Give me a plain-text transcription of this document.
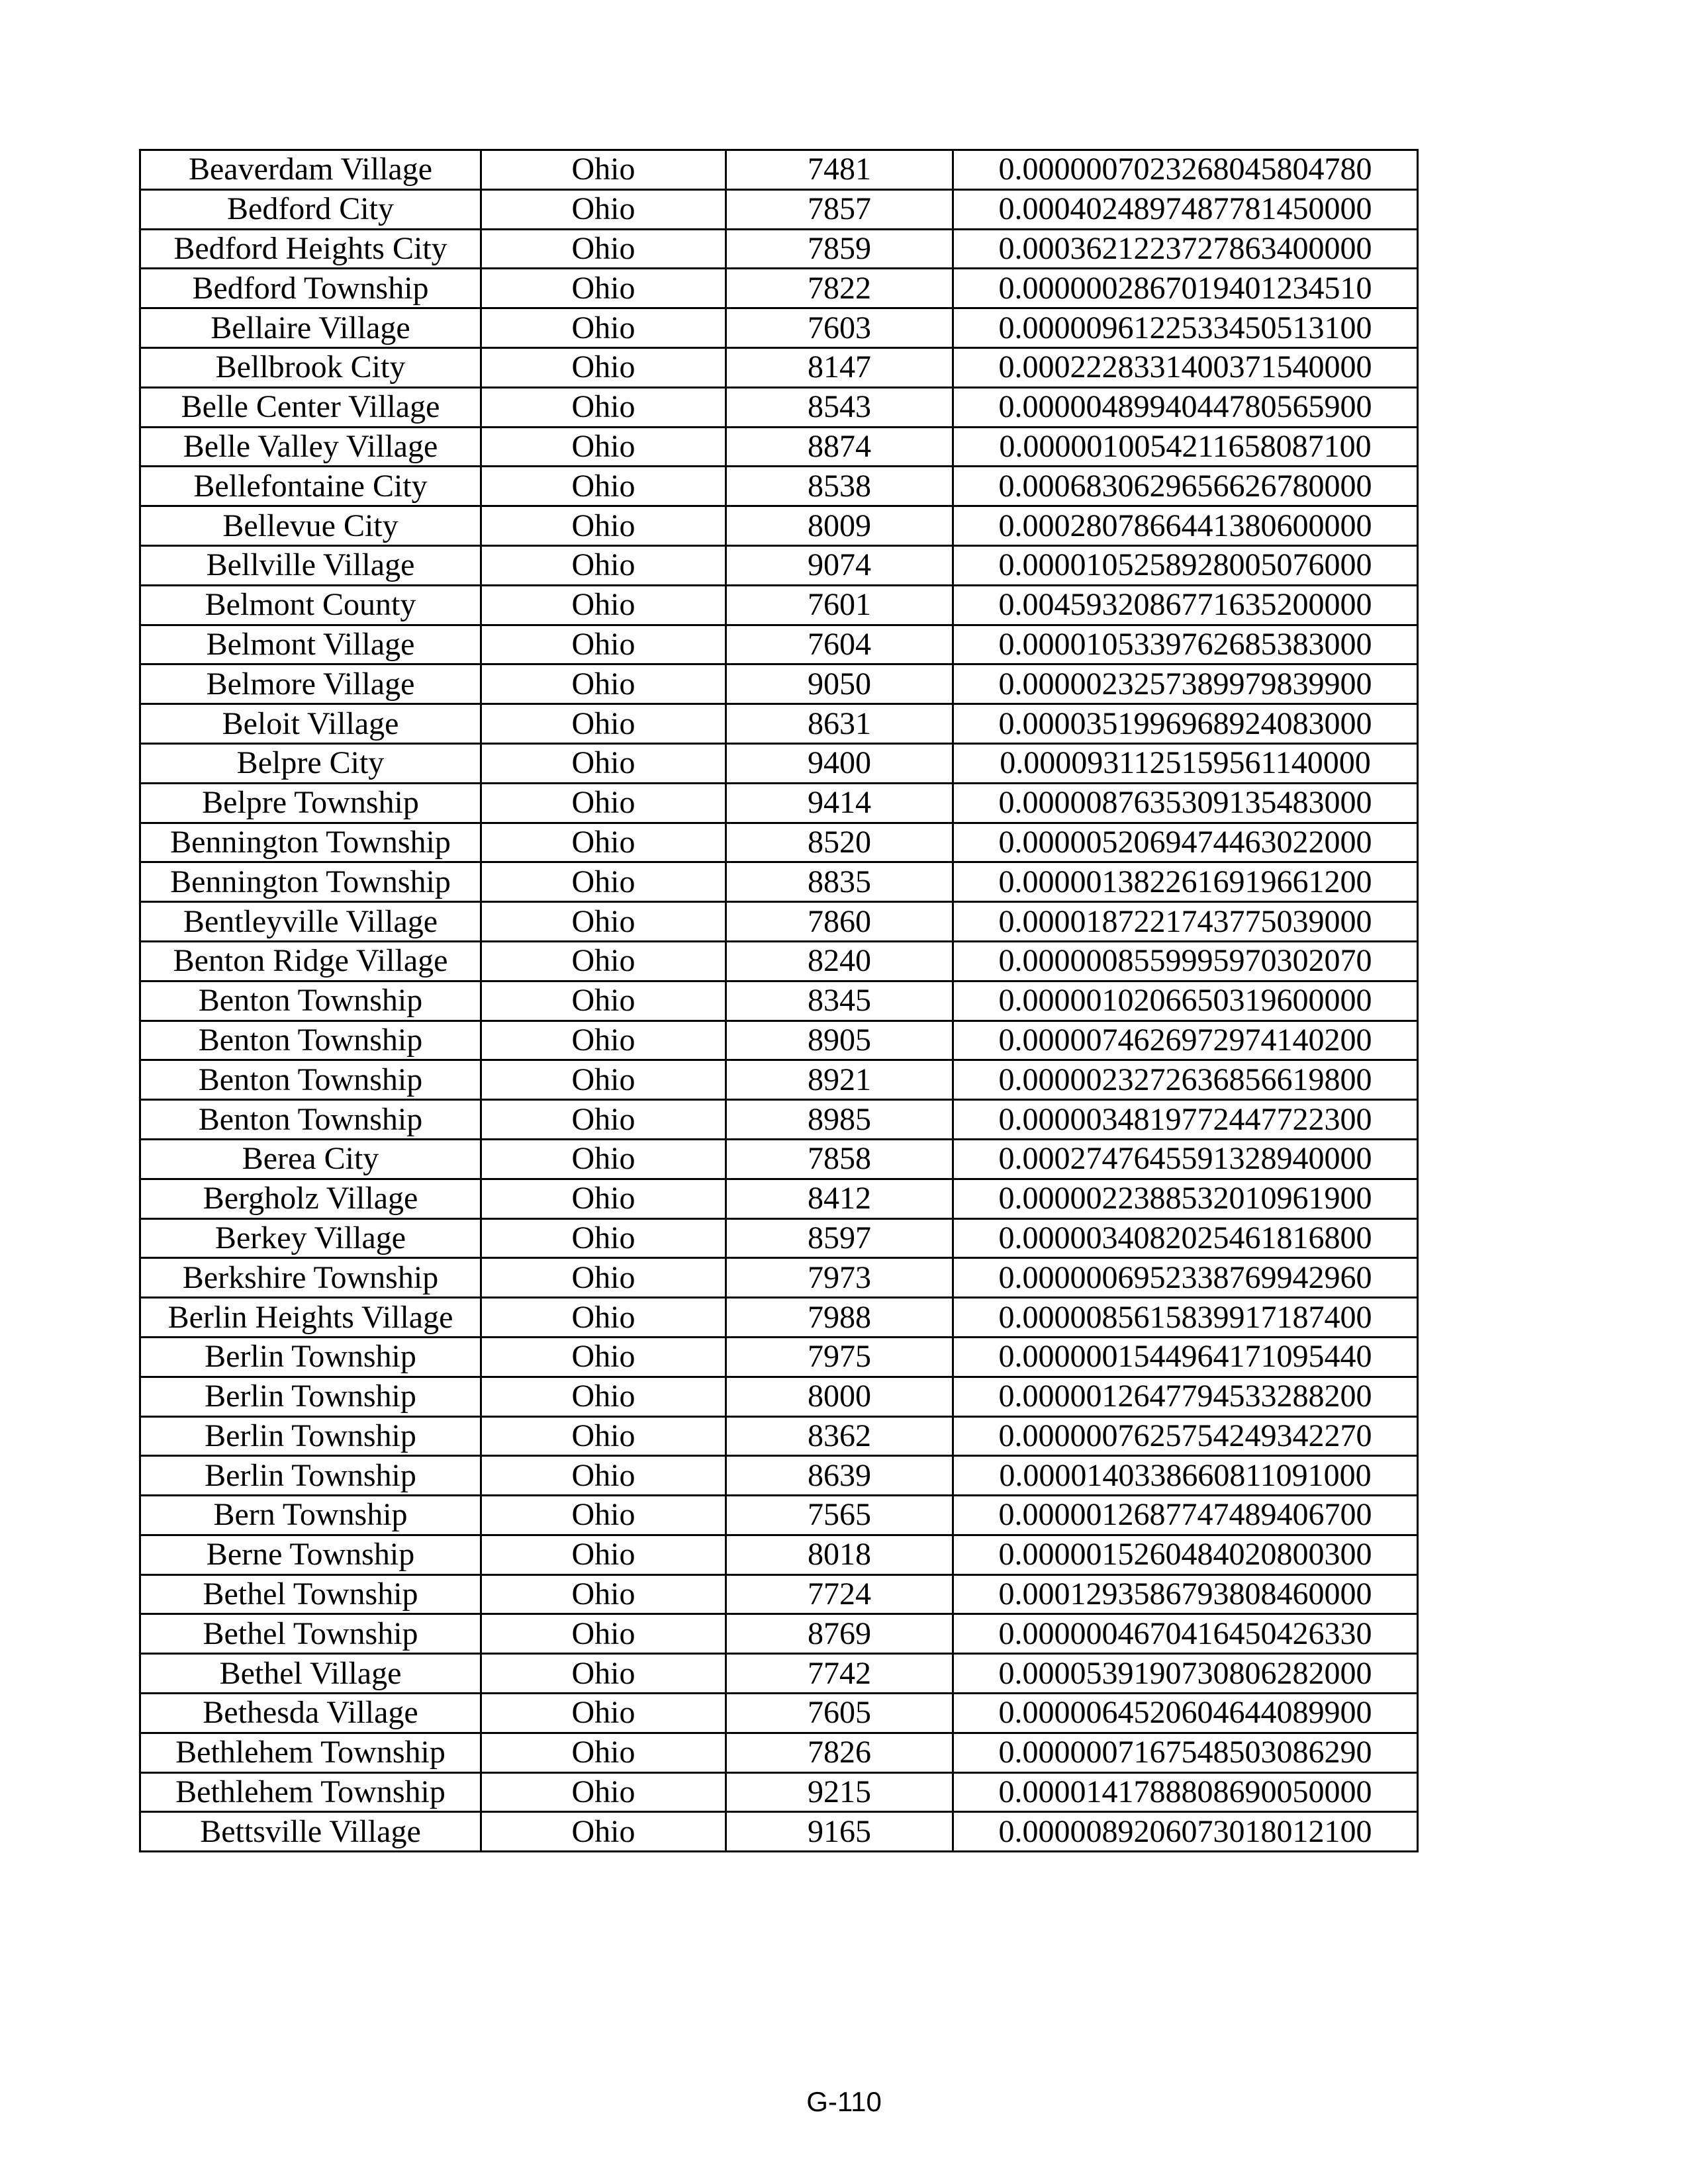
Beaverdam Village	Ohio	7481	0.0000007023268045804780
Bedford City	Ohio	7857	0.0004024897487781450000
Bedford Heights City	Ohio	7859	0.0003621223727863400000
Bedford Township	Ohio	7822	0.0000002867019401234510
Bellaire Village	Ohio	7603	0.0000096122533450513100
Bellbrook City	Ohio	8147	0.0002228331400371540000
Belle Center Village	Ohio	8543	0.0000048994044780565900
Belle Valley Village	Ohio	8874	0.0000010054211658087100
Bellefontaine City	Ohio	8538	0.0006830629656626780000
Bellevue City	Ohio	8009	0.0002807866441380600000
Bellville Village	Ohio	9074	0.0000105258928005076000
Belmont County	Ohio	7601	0.0045932086771635200000
Belmont Village	Ohio	7604	0.0000105339762685383000
Belmore Village	Ohio	9050	0.0000023257389979839900
Beloit Village	Ohio	8631	0.0000351996968924083000
Belpre City	Ohio	9400	0.0000931125159561140000
Belpre Township	Ohio	9414	0.0000087635309135483000
Bennington Township	Ohio	8520	0.0000052069474463022000
Bennington Township	Ohio	8835	0.0000013822616919661200
Bentleyville Village	Ohio	7860	0.0000187221743775039000
Benton Ridge Village	Ohio	8240	0.0000008559995970302070
Benton Township	Ohio	8345	0.0000010206650319600000
Benton Township	Ohio	8905	0.0000074626972974140200
Benton Township	Ohio	8921	0.0000023272636856619800
Benton Township	Ohio	8985	0.0000034819772447722300
Berea City	Ohio	7858	0.0002747645591328940000
Bergholz Village	Ohio	8412	0.0000022388532010961900
Berkey Village	Ohio	8597	0.0000034082025461816800
Berkshire Township	Ohio	7973	0.0000006952338769942960
Berlin Heights Village	Ohio	7988	0.0000085615839917187400
Berlin Township	Ohio	7975	0.0000001544964171095440
Berlin Township	Ohio	8000	0.0000012647794533288200
Berlin Township	Ohio	8362	0.0000007625754249342270
Berlin Township	Ohio	8639	0.0000140338660811091000
Bern Township	Ohio	7565	0.0000012687747489406700
Berne Township	Ohio	8018	0.0000015260484020800300
Bethel Township	Ohio	7724	0.0001293586793808460000
Bethel Township	Ohio	8769	0.0000004670416450426330
Bethel Village	Ohio	7742	0.0000539190730806282000
Bethesda Village	Ohio	7605	0.0000064520604644089900
Bethlehem Township	Ohio	7826	0.0000007167548503086290
Bethlehem Township	Ohio	9215	0.0000141788808690050000
Bettsville Village	Ohio	9165	0.0000089206073018012100
G-110
